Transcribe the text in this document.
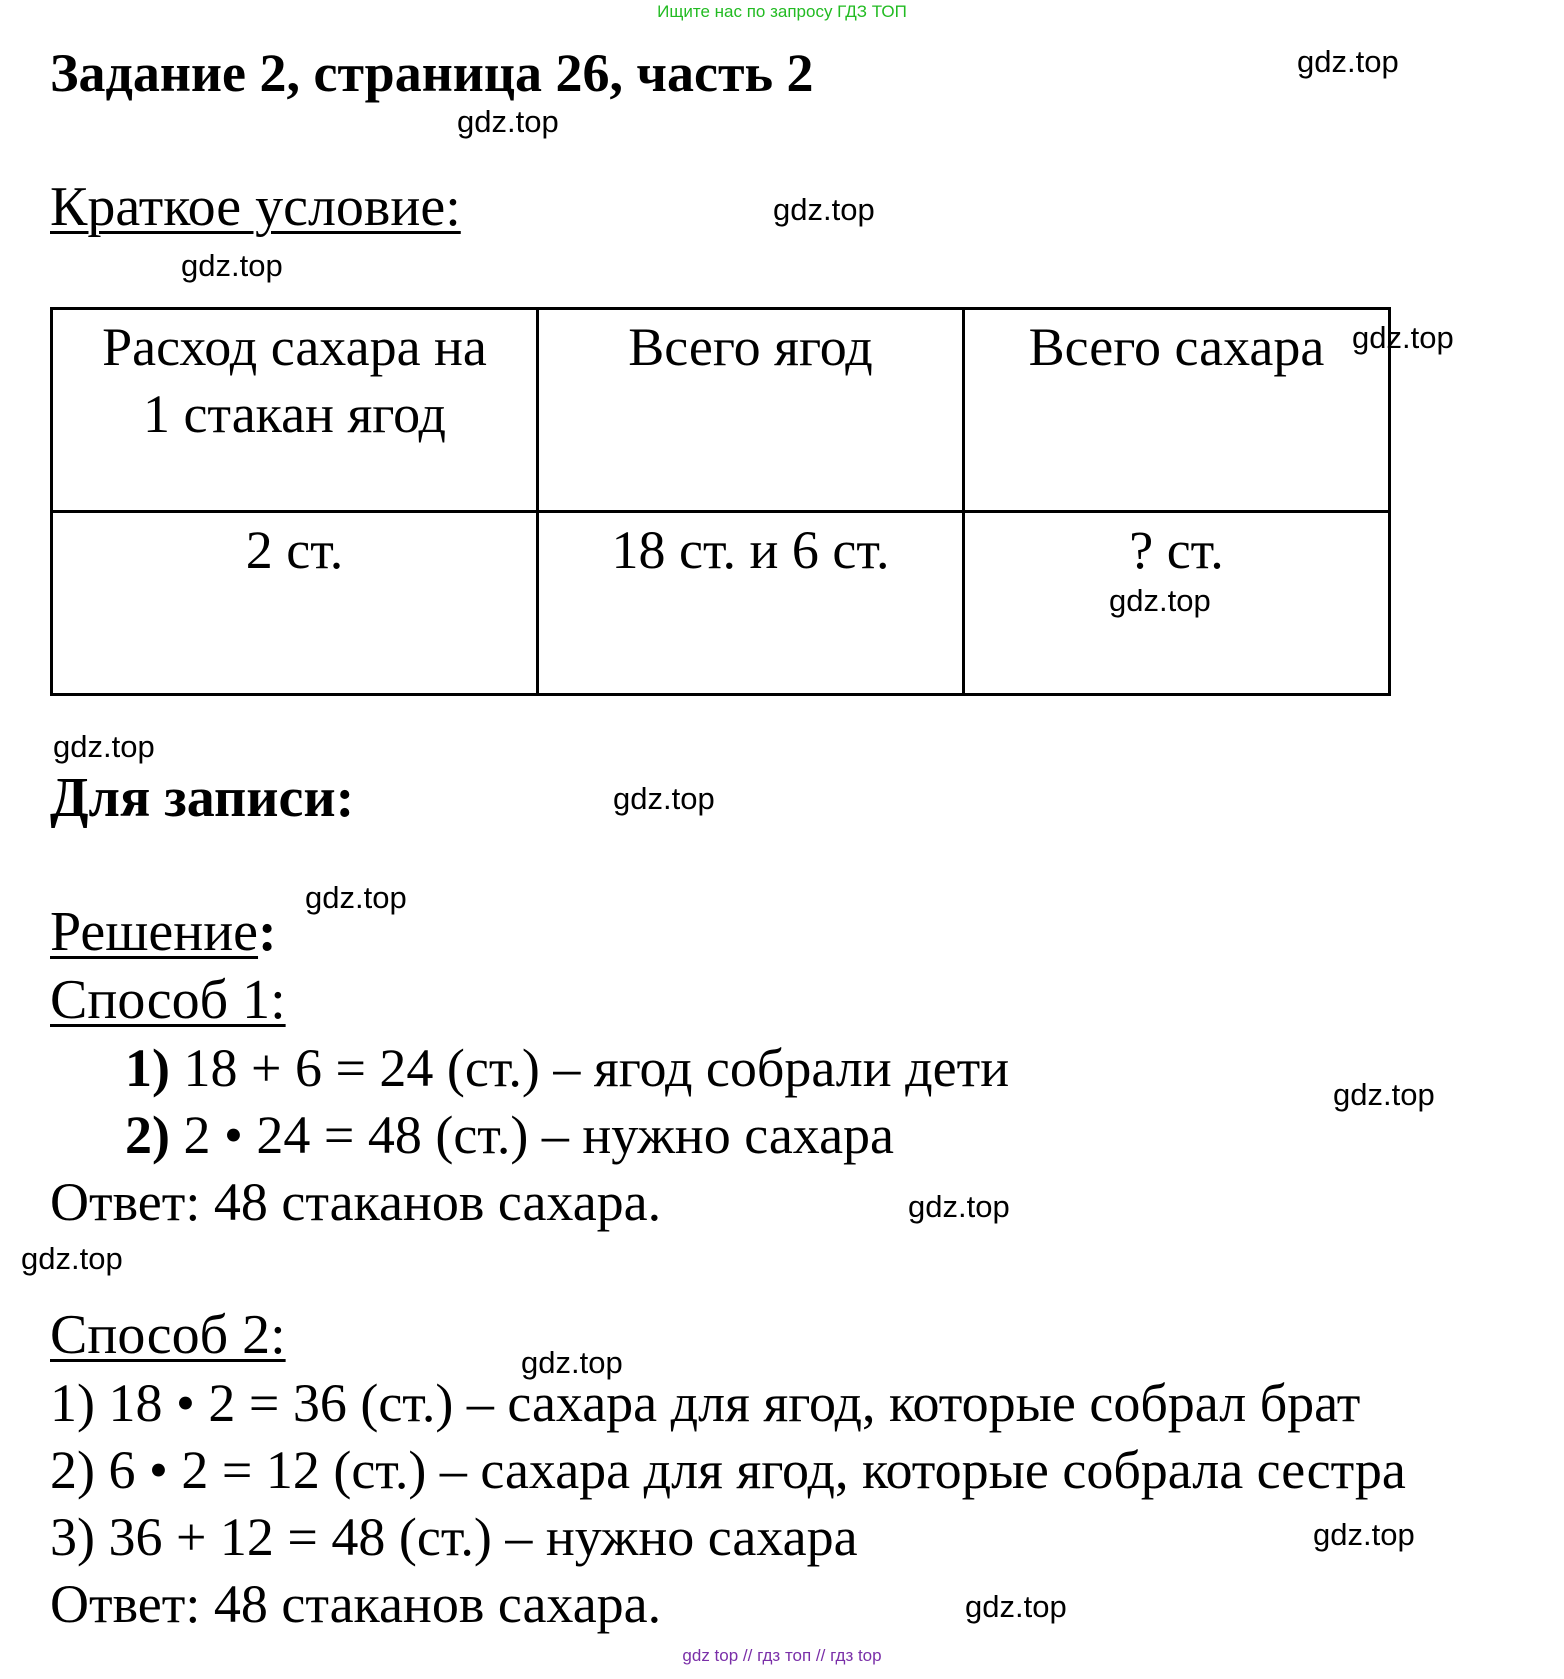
Ищите нас по запросу ГДЗ ТОП
Задание 2, страница 26, часть 2
Краткое условие:
Расход сахара на 1 стакан ягод	Всего ягод	Всего сахара
2 ст.	18 ст. и 6 ст.	? ст.
Для записи:
Решение:
Способ 1:
1) 18 + 6 = 24 (ст.) – ягод собрали дети
2) 2 • 24 = 48 (ст.) – нужно сахара
Ответ: 48 стаканов сахара.
Способ 2:
1) 18 • 2 = 36 (ст.) – сахара для ягод, которые собрал брат
2) 6 • 2 = 12 (ст.) – сахара для ягод, которые собрала сестра
3) 36 + 12 = 48 (ст.) – нужно сахара
Ответ: 48 стаканов сахара.
gdz.top
gdz.top
gdz.top
gdz.top
gdz.top
gdz.top
gdz.top
gdz.top
gdz.top
gdz.top
gdz.top
gdz.top
gdz.top
gdz.top
gdz.top
gdz top // гдз топ // гдз top
